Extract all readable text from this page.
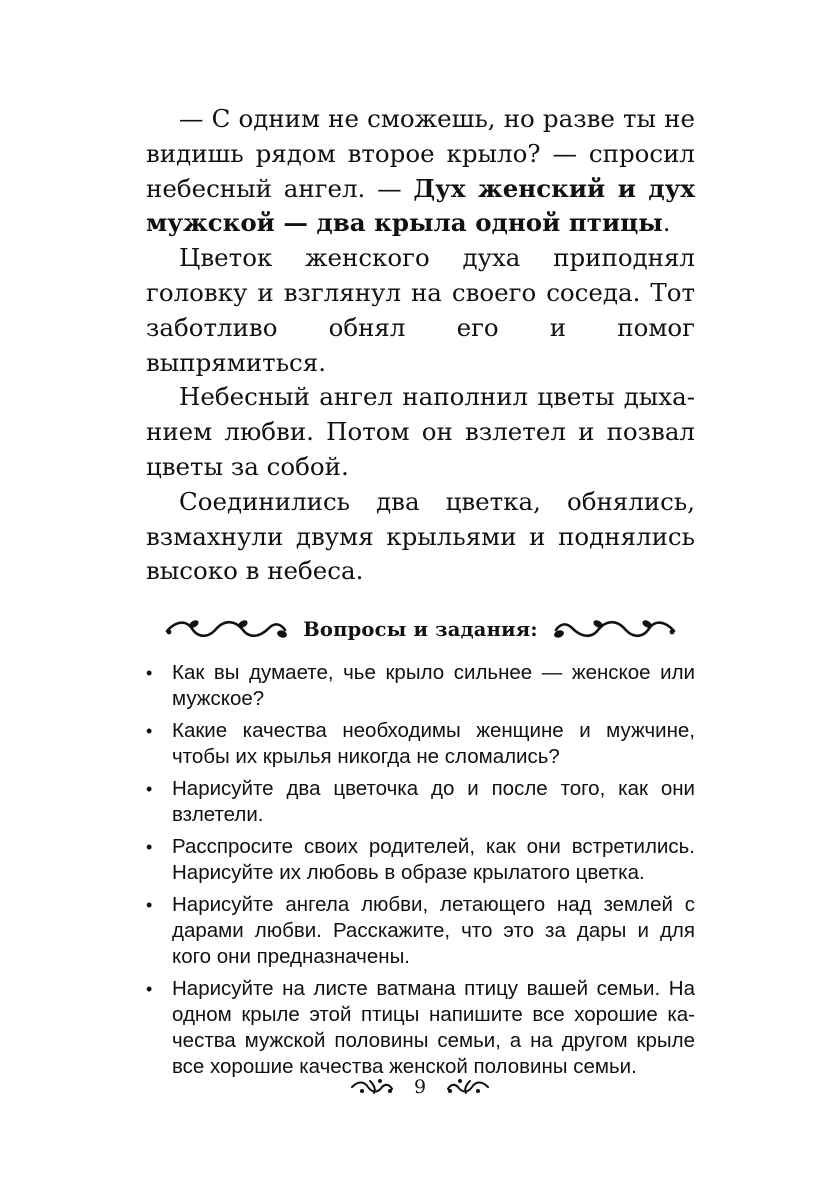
— С одним не сможешь, но разве ты не видишь рядом второе крыло? — спросил небесный ангел. — Дух женский и дух мужской — два крыла одной птицы.

Цветок женского духа приподнял головку и взглянул на своего соседа. Тот заботливо обнял его и помог выпрямиться.

Небесный ангел наполнил цветы дыханием любви. Потом он взлетел и позвал цветы за собой.

Соединились два цветка, обнялись, взмахнули двумя крыльями и поднялись высоко в небеса.

Вопросы и задания:
• Как вы думаете, чье крыло сильнее — женское или мужское?
• Какие качества необходимы женщине и мужчине, чтобы их крылья никогда не сломались?
• Нарисуйте два цветочка до и после того, как они взлетели.
• Расспросите своих родителей, как они встретились. Нарисуйте их любовь в образе крылатого цветка.
• Нарисуйте ангела любви, летающего над землей с дарами любви. Расскажите, что это за дары и для кого они предназначены.
• Нарисуйте на листе ватмана птицу вашей семьи. На одном крыле этой птицы напишите все хорошие качества мужской половины семьи, а на другом крыле все хорошие качества женской половины семьи.
9
